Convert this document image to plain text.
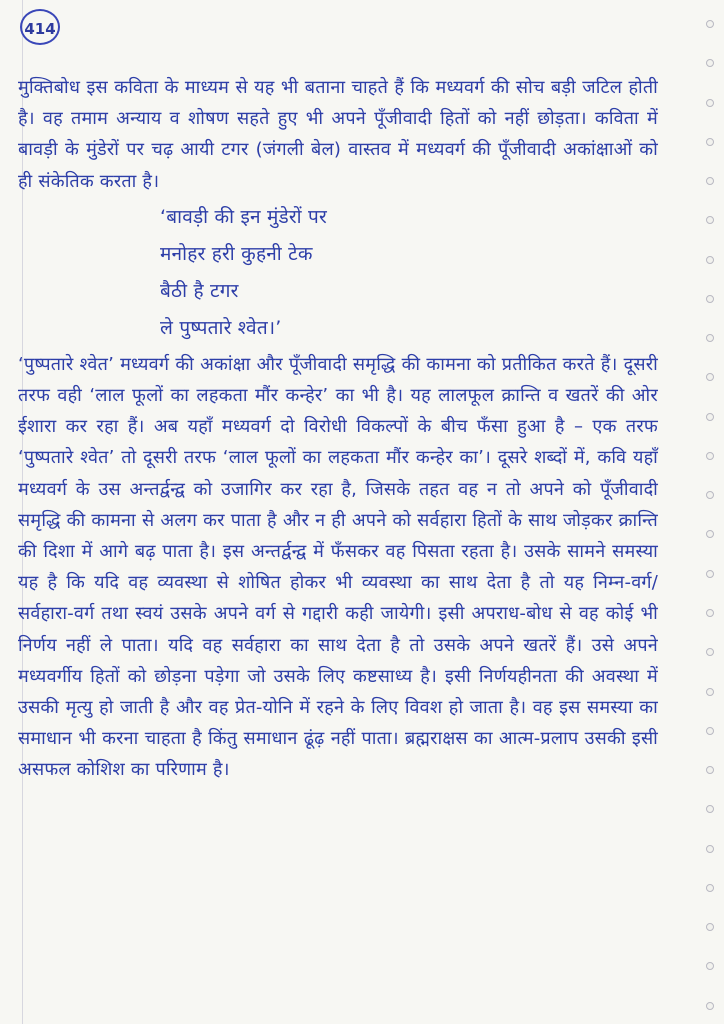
414

मुक्तिबोध इस कविता के माध्यम से यह भी बताना चाहते हैं कि मध्यवर्ग की सोच बड़ी जटिल होती है। वह तमाम अन्याय व शोषण सहते हुए भी अपने पूँजीवादी हितों को नहीं छोड़ता। कविता में बावड़ी के मुंडेरों पर चढ़ आयी टगर (जंगली बेल) वास्तव में मध्यवर्ग की पूँजीवादी अकांक्षाओं को ही संकेतिक करता है।

‘बावड़ी की इन मुंडेरों पर
मनोहर हरी कुहनी टेक
बैठी है टगर
ले पुष्पतारे श्वेत।’

‘पुष्पतारे श्वेत’ मध्यवर्ग की अकांक्षा और पूँजीवादी समृद्धि की कामना को प्रतीकित करते हैं। दूसरी तरफ वही ‘लाल फूलों का लहकता मौंर कन्हेर’ का भी है। यह लालफूल क्रान्ति व खतरें की ओर ईशारा कर रहा हैं। अब यहाँ मध्यवर्ग दो विरोधी विकल्पों के बीच फँसा हुआ है – एक तरफ ‘पुष्पतारे श्वेत’ तो दूसरी तरफ ‘लाल फूलों का लहकता मौंर कन्हेर का’। दूसरे शब्दों में, कवि यहाँ मध्यवर्ग के उस अन्तर्द्वन्द्व को उजागिर कर रहा है, जिसके तहत वह न तो अपने को पूँजीवादी समृद्धि की कामना से अलग कर पाता है और न ही अपने को सर्वहारा हितों के साथ जोड़कर क्रान्ति की दिशा में आगे बढ़ पाता है। इस अन्तर्द्वन्द्व में फँसकर वह पिसता रहता है। उसके सामने समस्या यह है कि यदि वह व्यवस्था से शोषित होकर भी व्यवस्था का साथ देता है तो यह निम्न-वर्ग/सर्वहारा-वर्ग तथा स्वयं उसके अपने वर्ग से गद्दारी कही जायेगी। इसी अपराध-बोध से वह कोई भी निर्णय नहीं ले पाता। यदि वह सर्वहारा का साथ देता है तो उसके अपने खतरें हैं। उसे अपने मध्यवर्गीय हितों को छोड़ना पड़ेगा जो उसके लिए कष्टसाध्य है। इसी निर्णयहीनता की अवस्था में उसकी मृत्यु हो जाती है और वह प्रेत-योनि में रहने के लिए विवश हो जाता है। वह इस समस्या का समाधान भी करना चाहता है किंतु समाधान ढूंढ़ नहीं पाता। ब्रह्मराक्षस का आत्म-प्रलाप उसकी इसी असफल कोशिश का परिणाम है।
